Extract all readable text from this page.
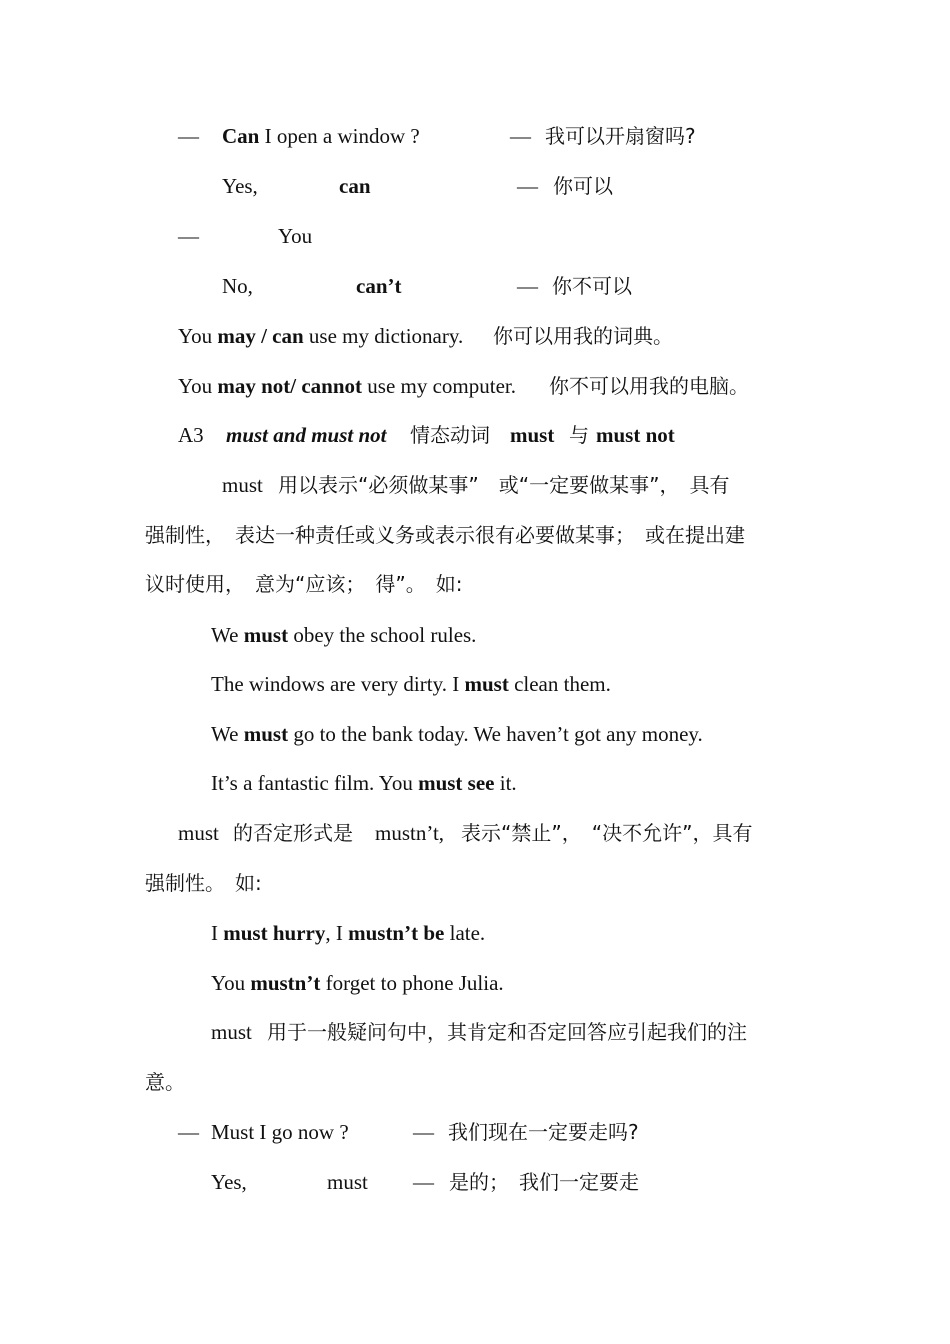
— Can I open a window ?	— 我可以开扇窗吗?
Yes,	can	— 你可以
—	You
No,	can’t	— 你不可以
You may / can use my dictionary. 你可以用我的词典。
You may not/ cannot use my computer. 你不可以用我的电脑。
A3 must and must not 情态动词 must 与 must not
must 用以表示“必须做某事”　或“一定要做某事”，　具有
强制性，　表达一种责任或义务或表示很有必要做某事；　或在提出建
议时使用，　意为“应该；　得”。　如:
We must obey the school rules.
The windows are very dirty. I must clean them.
We must go to the bank today. We haven’t got any money.
It’s a fantastic film. You must see it.
must 的否定形式是 mustn’t, 表示“禁止”，　“决不允许”，具有
强制性。　如:
I must hurry, I mustn’t be late.
You mustn’t forget to phone Julia.
must 用于一般疑问句中，其肯定和否定回答应引起我们的注
意。
— Must I go now ?	— 我们现在一定要走吗?
Yes,	must — 是的；　我们一定要走
